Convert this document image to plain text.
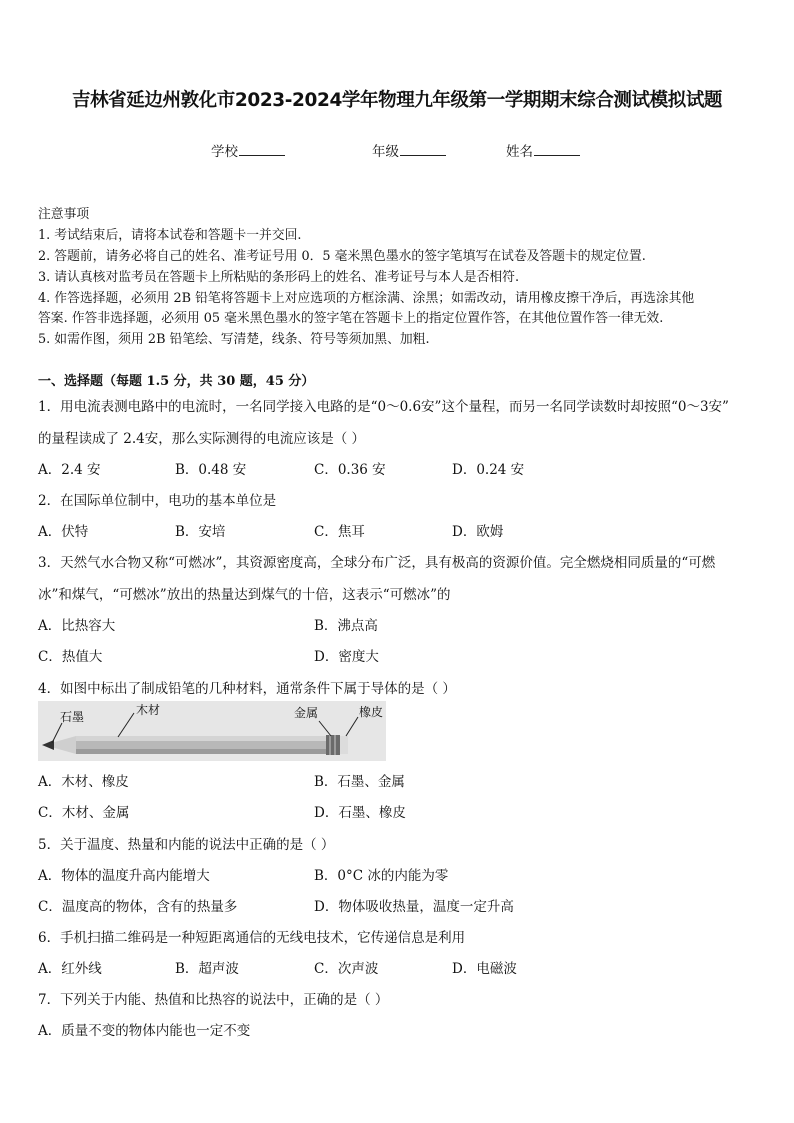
吉林省延边州敦化市2023-2024学年物理九年级第一学期期末综合测试模拟试题
学校	年级	姓名
注意事项
1. 考试结束后，请将本试卷和答题卡一并交回.
2. 答题前，请务必将自己的姓名、准考证号用 0．5 毫米黑色墨水的签字笔填写在试卷及答题卡的规定位置.
3. 请认真核对监考员在答题卡上所粘贴的条形码上的姓名、准考证号与本人是否相符.
4. 作答选择题，必须用 2B 铅笔将答题卡上对应选项的方框涂满、涂黑；如需改动，请用橡皮擦干净后，再选涂其他
答案. 作答非选择题，必须用 05 毫米黑色墨水的签字笔在答题卡上的指定位置作答，在其他位置作答一律无效.
5. 如需作图，须用 2B 铅笔绘、写清楚，线条、符号等须加黑、加粗.
一、选择题（每题 1.5 分，共 30 题，45 分）
1．用电流表测电路中的电流时，一名同学接入电路的是“0～0.6安”这个量程，而另一名同学读数时却按照“0～3安”
的量程读成了 2.4安，那么实际测得的电流应该是（ ）
A．2.4 安	B．0.48 安	C．0.36 安	D．0.24 安
2．在国际单位制中，电功的基本单位是
A．伏特	B．安培	C．焦耳	D．欧姆
3．天然气水合物又称“可燃冰”，其资源密度高，全球分布广泛，具有极高的资源价值。完全燃烧相同质量的“可燃
冰”和煤气，“可燃冰”放出的热量达到煤气的十倍，这表示“可燃冰”的
A．比热容大	B．沸点高
C．热值大	D．密度大
4．如图中标出了制成铅笔的几种材料，通常条件下属于导体的是（ ）
石墨	木材	金属	橡皮
A．木材、橡皮	B．石墨、金属
C．木材、金属	D．石墨、橡皮
5．关于温度、热量和内能的说法中正确的是（ ）
A．物体的温度升高内能增大	B．0°C 冰的内能为零
C．温度高的物体，含有的热量多	D．物体吸收热量，温度一定升高
6．手机扫描二维码是一种短距离通信的无线电技术，它传递信息是利用
A．红外线	B．超声波	C．次声波	D．电磁波
7．下列关于内能、热值和比热容的说法中，正确的是（ ）
A．质量不变的物体内能也一定不变
